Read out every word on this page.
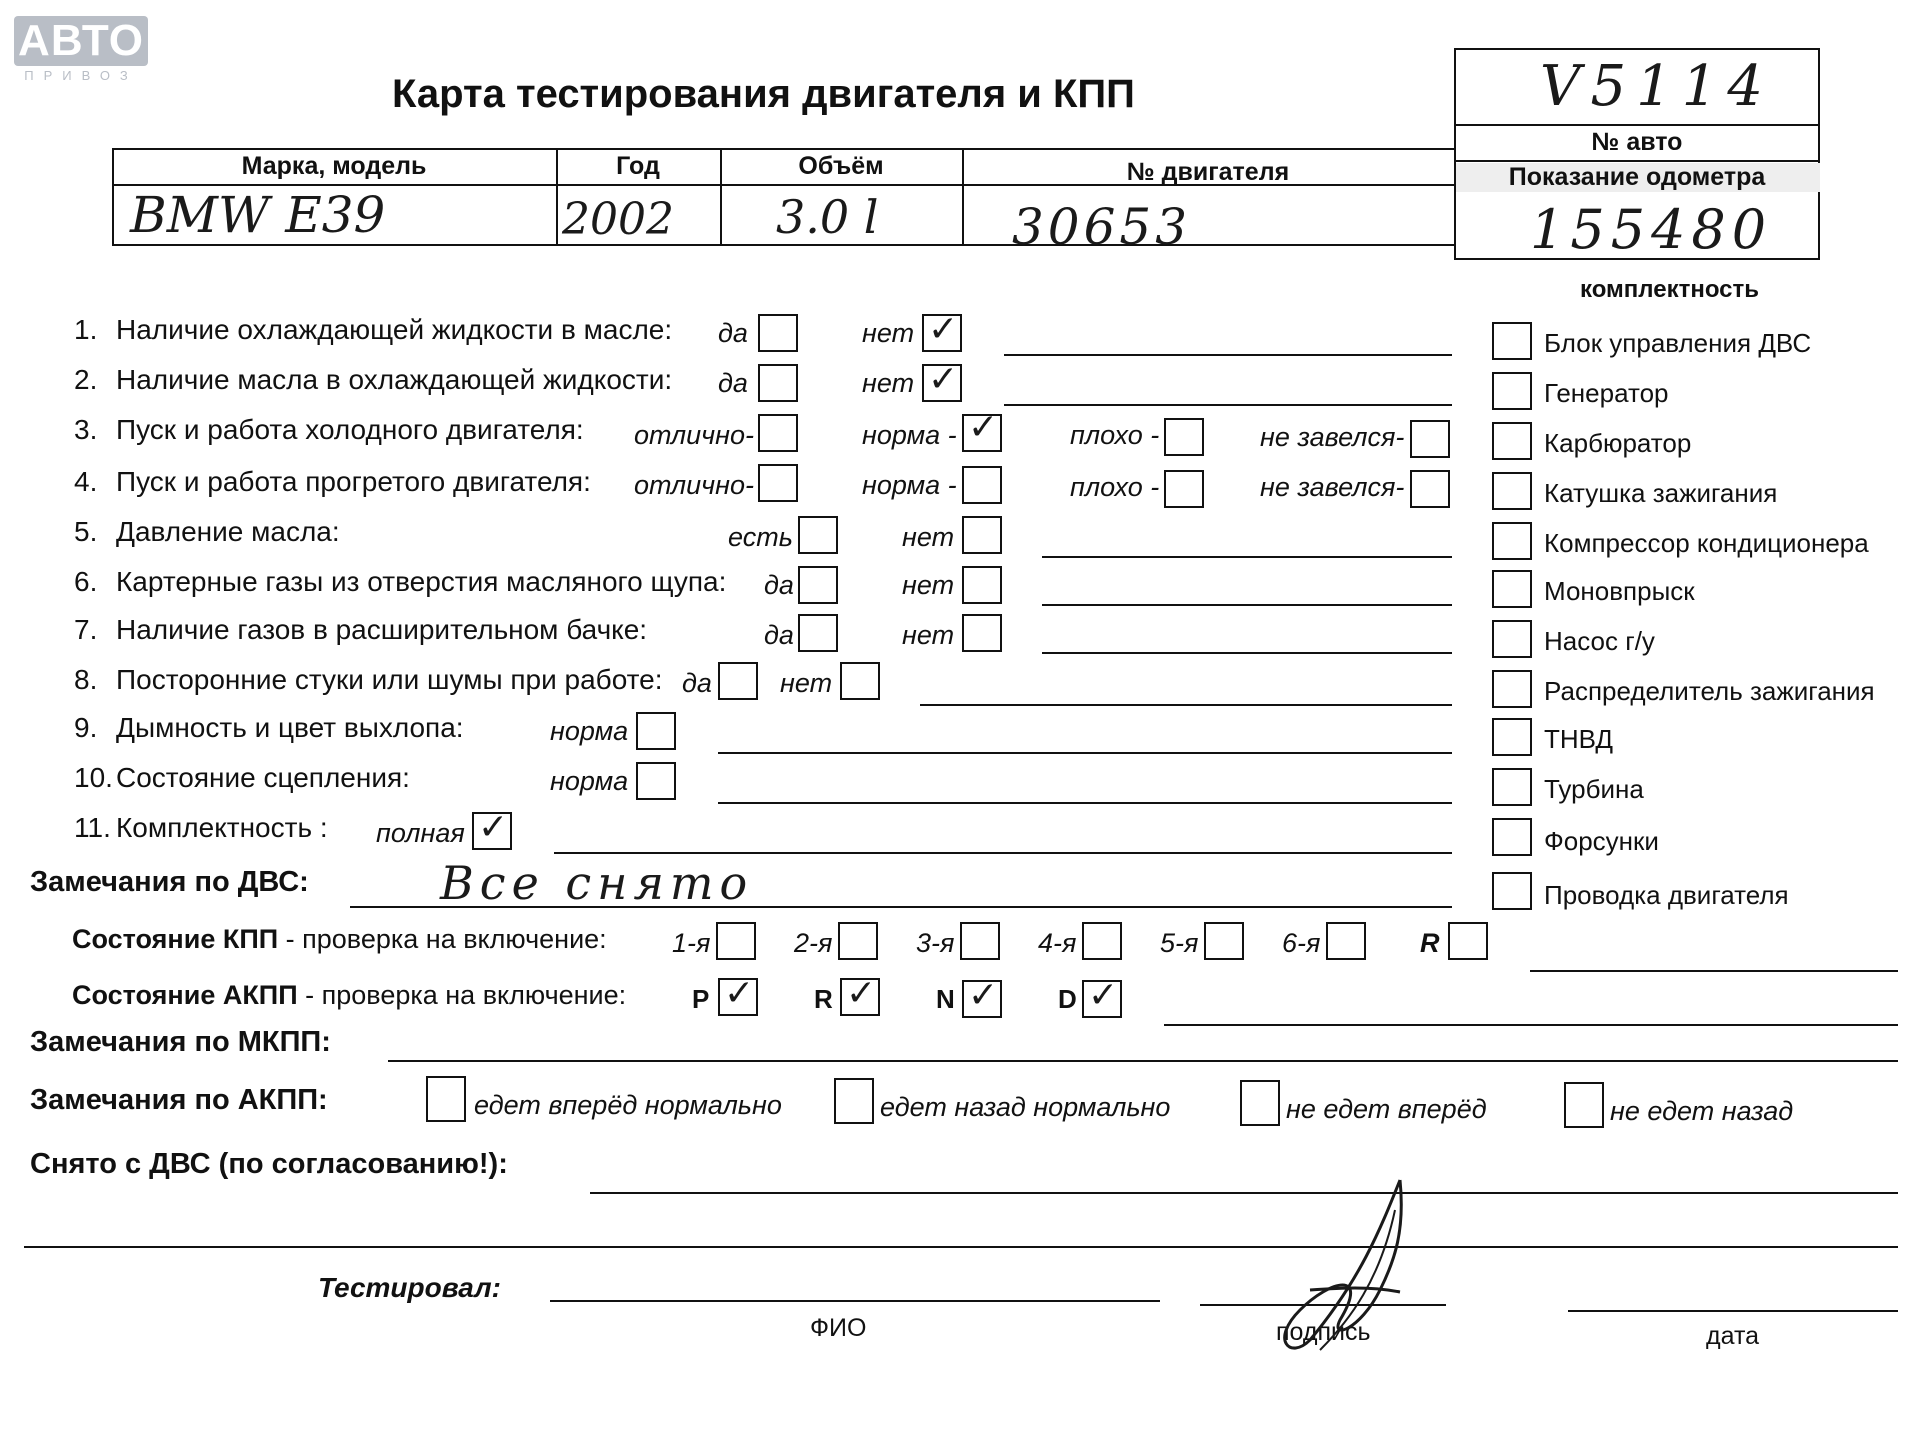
АВТО
ПРИВОЗ	Карта тестирования двигателя и КПП	V5114
№ авто
Показание одометра
155480
Марка, модель	Год	Объём	№ двигателя
BMW E39	2002 3.0 l	30653
комплектность
1. Наличие охлаждающей жидкости в масле: да	нет ✓
2. Наличие масла в охлаждающей жидкости: да	нет ✓
3. Пуск и работа холодного двигателя: отлично-	норма - ✓	плохо -	не завелся-
4. Пуск и работа прогретого двигателя: отлично-	норма -	плохо -	не завелся-
5. Давление масла:	есть	нет
6. Картерные газы из отверстия масляного щупа: да	нет
7. Наличие газов в расширительном бачке:	да	нет
8. Посторонние стуки или шумы при работе: да	нет
9. Дымность и цвет выхлопа:	норма
10. Состояние сцепления:	норма
11. Комплектность : полная ✓
Блок управления ДВС
Генератор
Карбюратор
Катушка зажигания
Компрессор кондиционера
Моновпрыск
Насос г/у
Распределитель зажигания
ТНВД
Турбина
Форсунки
Проводка двигателя
Замечания по ДВС:	Все снято
Состояние КПП - проверка на включение: 1-я	2-я	3-я	4-я	5-я	6-я	R
Состояние АКПП - проверка на включение:	P ✓ R ✓ N ✓ D ✓
Замечания по МКПП:
Замечания по АКПП:	едет вперёд нормально	едет назад нормально	не едет вперёд	не едет назад
Снято с ДВС (по согласованию!):
Тестировал:
ФИО	подпись	дата
